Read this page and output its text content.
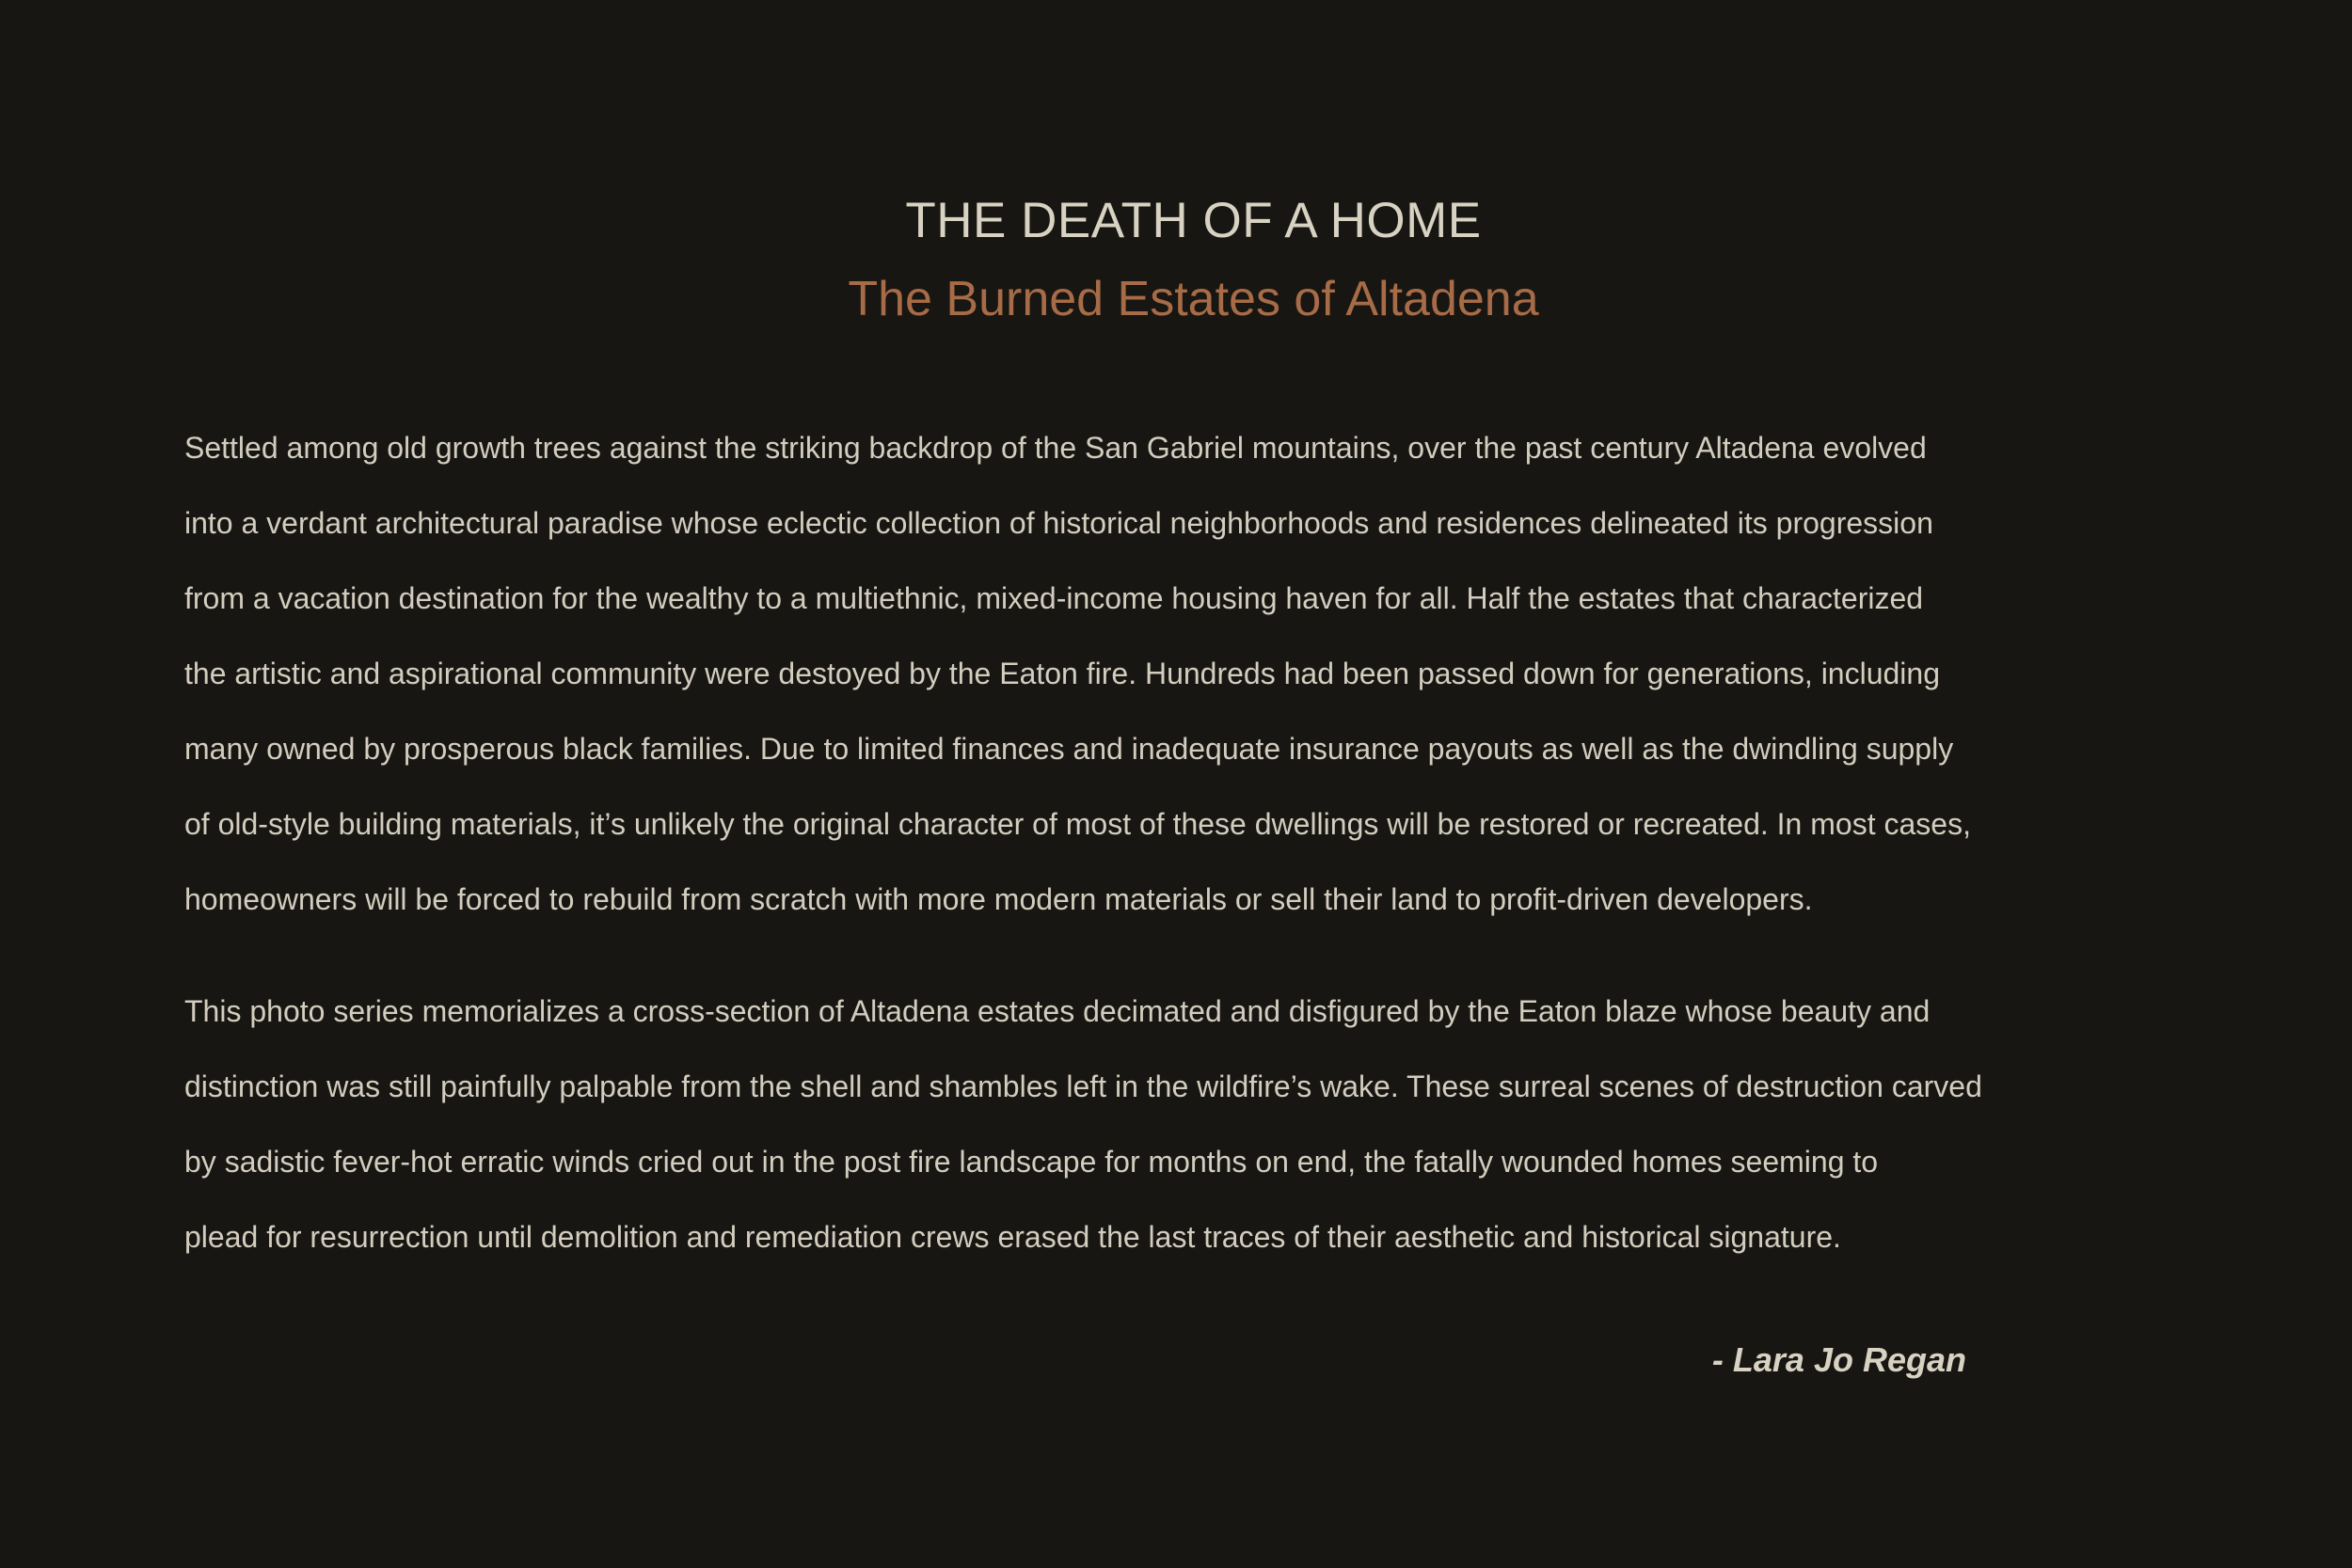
THE DEATH OF A HOME
The Burned Estates of Altadena
Settled among old growth trees against the striking backdrop of the San Gabriel mountains, over the past century Altadena evolved
into a verdant architectural paradise whose eclectic collection of historical neighborhoods and residences delineated its progression
from a vacation destination for the wealthy to a multiethnic, mixed-income housing haven for all. Half the estates that characterized
the artistic and aspirational community were destoyed by the Eaton fire. Hundreds had been passed down for generations, including
many owned by prosperous black families. Due to limited finances and inadequate insurance payouts as well as the dwindling supply
of old-style building materials, it’s unlikely the original character of most of these dwellings will be restored or recreated. In most cases,
homeowners will be forced to rebuild from scratch with more modern materials or sell their land to profit-driven developers.
This photo series memorializes a cross-section of Altadena estates decimated and disfigured by the Eaton blaze whose beauty and
distinction was still painfully palpable from the shell and shambles left in the wildfire’s wake. These surreal scenes of destruction carved
by sadistic fever-hot erratic winds cried out in the post fire landscape for months on end, the fatally wounded homes seeming to
plead for resurrection until demolition and remediation crews erased the last traces of their aesthetic and historical signature.
- Lara Jo Regan
